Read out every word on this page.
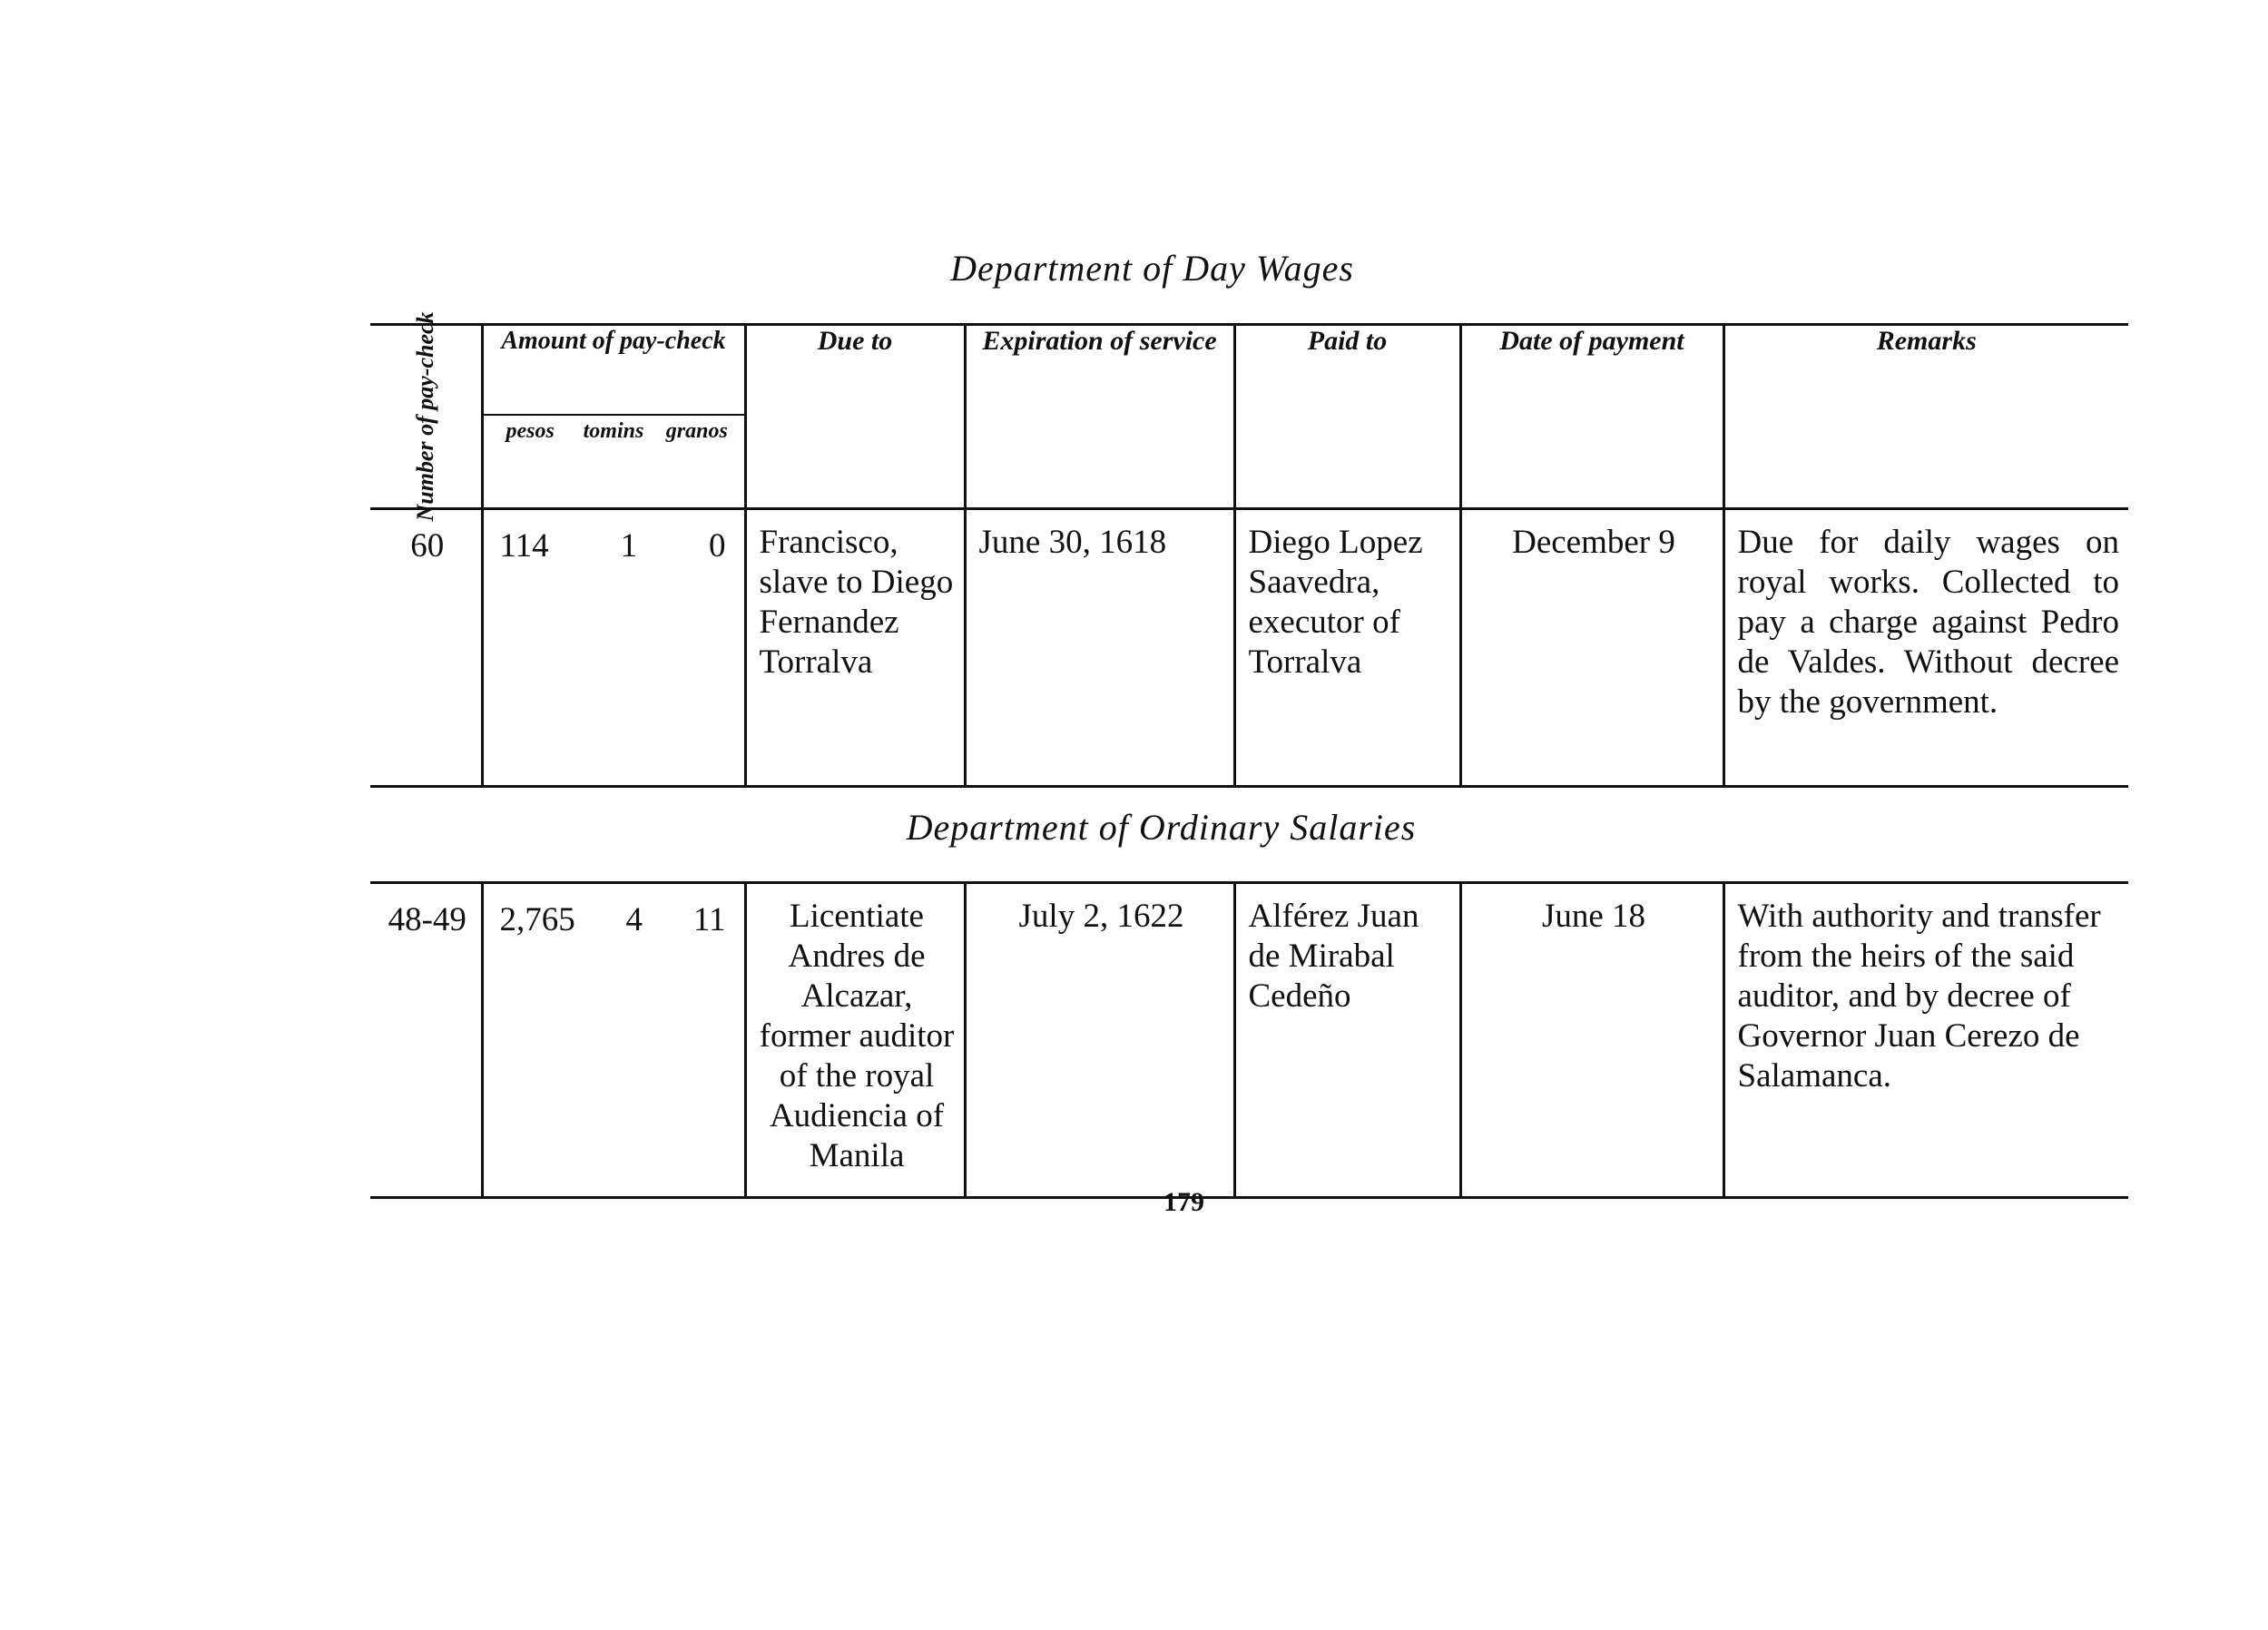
Department of Day Wages
Number of pay-check	Amount of pay-check	Due to	Expiration of service	Paid to	Date of payment	Remarks
	pesos tomins granos					
60	114 1 0	Francisco, slave to Diego Fernandez Torralva	June 30, 1618	Diego Lopez Saavedra, executor of Torralva	December 9	Due for daily wages on royal works. Collected to pay a charge against Pedro de Valdes. Without decree by the government.
Department of Ordinary Salaries
48-49	2,765 4 11	Licentiate Andres de Alcazar, former auditor of the royal Audiencia of Manila	July 2, 1622	Alférez Juan de Mirabal Cedeño	June 18	With authority and transfer from the heirs of the said auditor, and by decree of Governor Juan Cerezo de Salamanca.
179
